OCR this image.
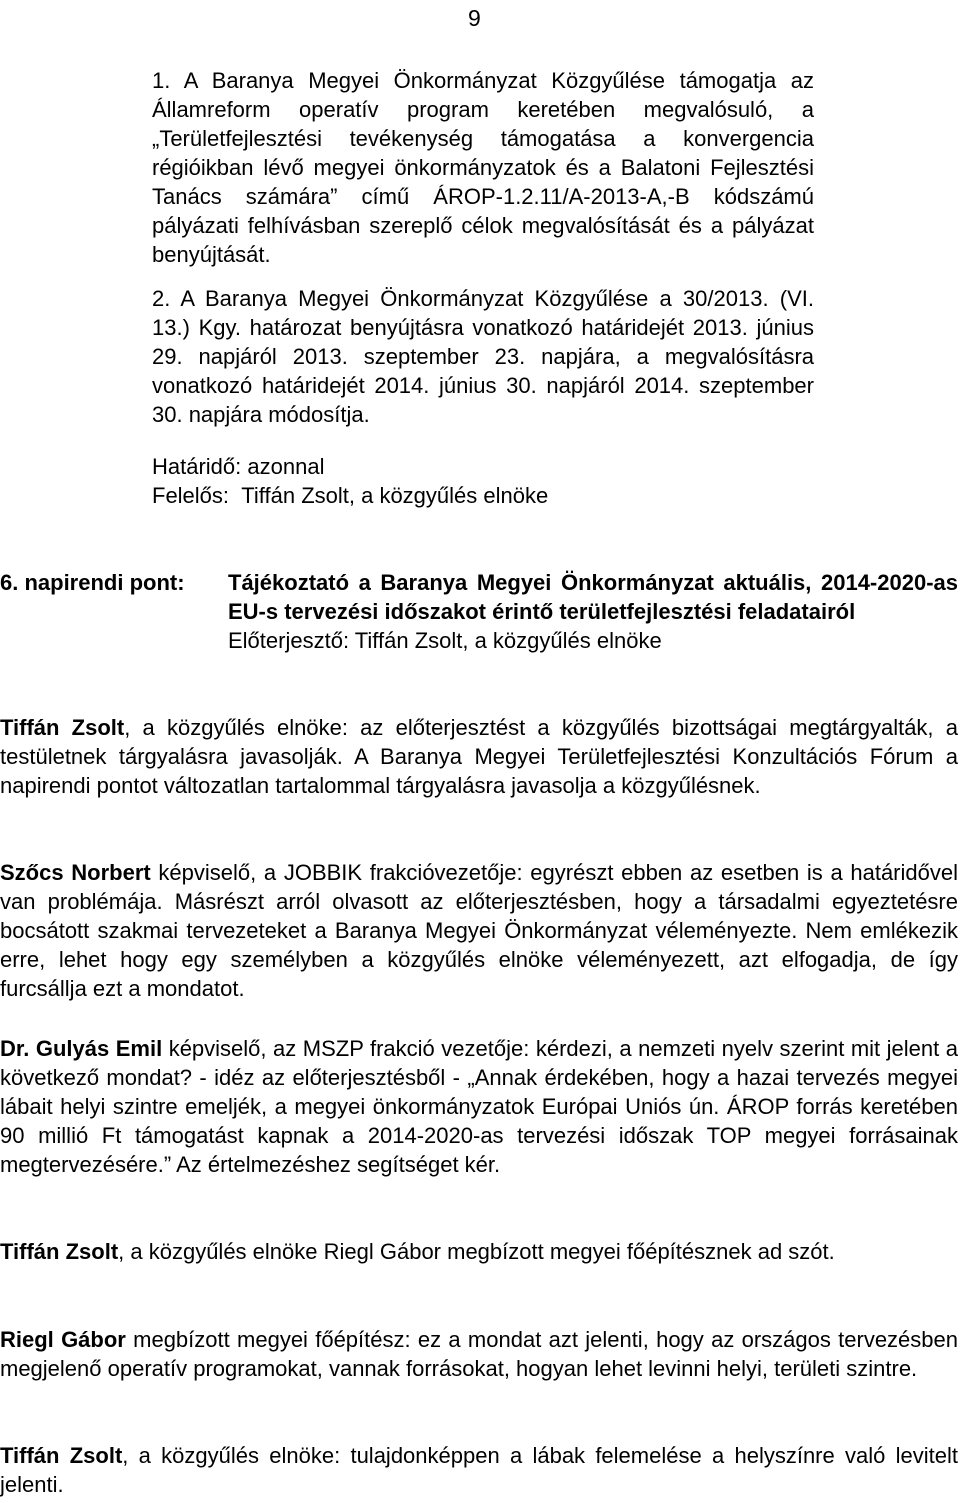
9

1. A Baranya Megyei Önkormányzat Közgyűlése támogatja az Államreform operatív program keretében megvalósuló, a „Területfejlesztési tevékenység támogatása a konvergencia régióikban lévő megyei önkormányzatok és a Balatoni Fejlesztési Tanács számára” című ÁROP-1.2.11/A-2013-A,-B kódszámú pályázati felhívásban szereplő célok megvalósítását és a pályázat benyújtását.

2. A Baranya Megyei Önkormányzat Közgyűlése a 30/2013. (VI. 13.) Kgy. határozat benyújtásra vonatkozó határidejét 2013. június 29. napjáról 2013. szeptember 23. napjára, a megvalósításra vonatkozó határidejét 2014. június 30. napjáról 2014. szeptember 30. napjára módosítja.

Határidő: azonnal

Felelős: Tiffán Zsolt, a közgyűlés elnöke

6. napirendi pont:	Tájékoztató a Baranya Megyei Önkormányzat aktuális, 2014-2020-as EU-s tervezési időszakot érintő területfejlesztési feladatairól
Előterjesztő: Tiffán Zsolt, a közgyűlés elnöke

Tiffán Zsolt, a közgyűlés elnöke: az előterjesztést a közgyűlés bizottságai megtárgyalták, a testületnek tárgyalásra javasolják. A Baranya Megyei Területfejlesztési Konzultációs Fórum a napirendi pontot változatlan tartalommal tárgyalásra javasolja a közgyűlésnek.

Szőcs Norbert képviselő, a JOBBIK frakcióvezetője: egyrészt ebben az esetben is a határidővel van problémája. Másrészt arról olvasott az előterjesztésben, hogy a társadalmi egyeztetésre bocsátott szakmai tervezeteket a Baranya Megyei Önkormányzat véleményezte. Nem emlékezik erre, lehet hogy egy személyben a közgyűlés elnöke véleményezett, azt elfogadja, de így furcsállja ezt a mondatot.

Dr. Gulyás Emil képviselő, az MSZP frakció vezetője: kérdezi, a nemzeti nyelv szerint mit jelent a következő mondat? - idéz az előterjesztésből - „Annak érdekében, hogy a hazai tervezés megyei lábait helyi szintre emeljék, a megyei önkormányzatok Európai Uniós ún. ÁROP forrás keretében 90 millió Ft támogatást kapnak a 2014-2020-as tervezési időszak TOP megyei forrásainak megtervezésére.” Az értelmezéshez segítséget kér.

Tiffán Zsolt, a közgyűlés elnöke Riegl Gábor megbízott megyei főépítésznek ad szót.

Riegl Gábor megbízott megyei főépítész: ez a mondat azt jelenti, hogy az országos tervezésben megjelenő operatív programokat, vannak forrásokat, hogyan lehet levinni helyi, területi szintre.

Tiffán Zsolt, a közgyűlés elnöke: tulajdonképpen a lábak felemelése a helyszínre való levitelt jelenti.
